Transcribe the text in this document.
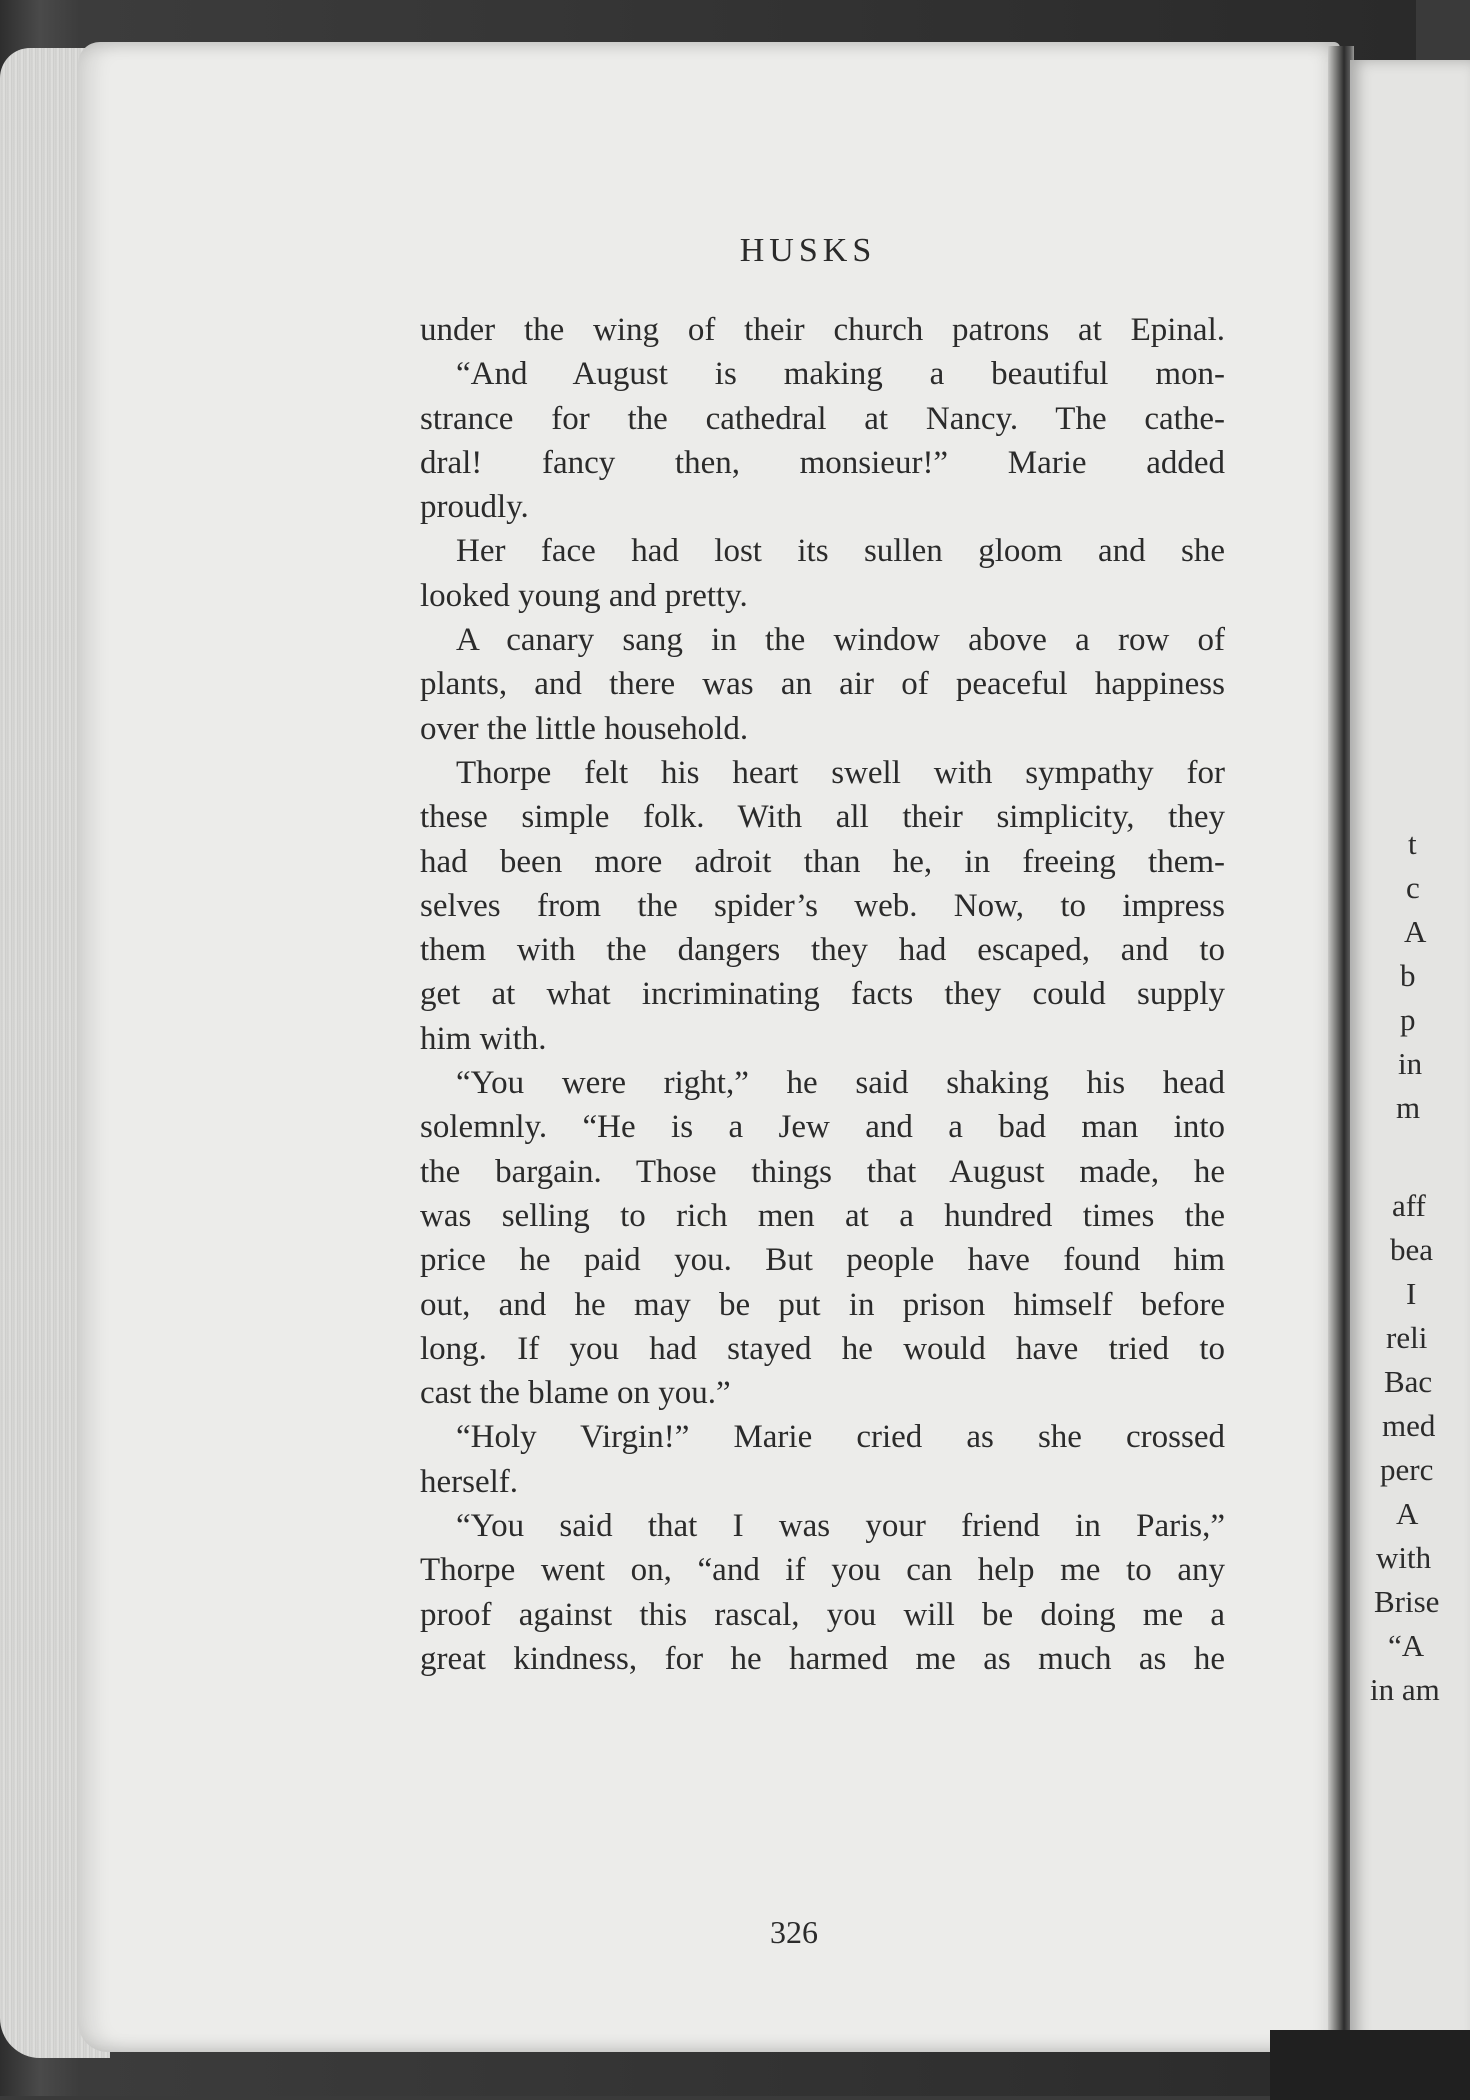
HUSKS
under the wing of their church patrons at Epinal.
“And August is making a beautiful mon-
strance for the cathedral at Nancy. The cathe-
dral! fancy then, monsieur!” Marie added
proudly.
Her face had lost its sullen gloom and she
looked young and pretty.
A canary sang in the window above a row of
plants, and there was an air of peaceful happiness
over the little household.
Thorpe felt his heart swell with sympathy for
these simple folk. With all their simplicity, they
had been more adroit than he, in freeing them-
selves from the spider’s web. Now, to impress
them with the dangers they had escaped, and to
get at what incriminating facts they could supply
him with.
“You were right,” he said shaking his head
solemnly. “He is a Jew and a bad man into
the bargain. Those things that August made, he
was selling to rich men at a hundred times the
price he paid you. But people have found him
out, and he may be put in prison himself before
long. If you had stayed he would have tried to
cast the blame on you.”
“Holy Virgin!” Marie cried as she crossed
herself.
“You said that I was your friend in Paris,”
Thorpe went on, “and if you can help me to any
proof against this rascal, you will be doing me a
great kindness, for he harmed me as much as he
326
t
c
A
b
p
in
m
aff
bea
I
reli
Bac
med
perc
A
with
Brise
“A
in am
